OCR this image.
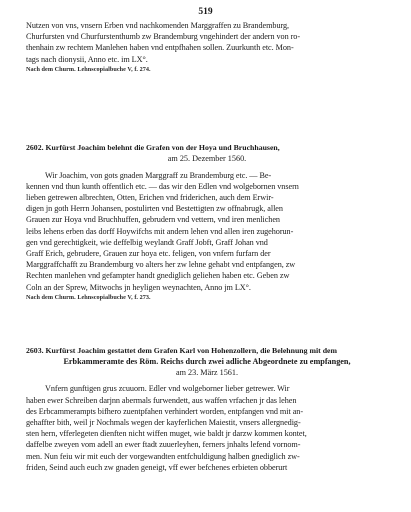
519
Nutzen von vns, vnsern Erben vnd nachkomenden Marggraffen zu Brandemburg,
Churfursten vnd Churfurstenthumb zw Brandemburg vngehindert der andern von ro-
thenhain zw rechtem Manlehen haben vnd entpfhahen sollen. Zuurkunth etc. Mon-
tags nach dionysii, Anno etc. im LX°.
Nach dem Churm. Lehnscopialbuche V, f. 274.
2602. Kurfürst Joachim belehnt die Grafen von der Hoya und Bruchhausen,
am 25. Dezember 1560.
Wir Joachim, von gots gnaden Marggraff zu Brandemburg etc. — Be-
kennen vnd thun kunth offentlich etc. — das wir den Edlen vnd wolgebornen vnsern
lieben getrewen albrechten, Otten, Erichen vnd friderichen, auch dem Erwir-
digen jn goth Herrn Johansen, postulirten vnd Bestettigten zw offnabrugk, allen
Grauen zur Hoya vnd Bruchhuffen, gebrudern vnd vettern, vnd iren menlichen
leibs lehens erben das dorff Hoywifchs mit andern lehen vnd allen iren zugehorun-
gen vnd gerechtigkeit, wie deffelbig weylandt Graff Jobft, Graff Johan vnd
Graff Erich, gebrudere, Grauen zur hoya etc. feligen, von vnfern furfarn der
Marggraffchafft zu Brandemburg vo alters her zw lehne gehabt vnd entpfangen, zw
Rechten manlehen vnd gefampter handt gnediglich geliehen haben etc. Geben zw
Coln an der Sprew, Mitwochs jn heyligen weynachten, Anno jm LX°.
Nach dem Churm. Lehnscopialbuche V, f. 273.
2603. Kurfürst Joachim gestattet dem Grafen Karl von Hohenzollern, die Belehnung mit dem
Erbkammeramte des Röm. Reichs durch zwei adliche Abgeordnete zu empfangen,
am 23. März 1561.
Vnfern gunftigen grus zcuuorn. Edler vnd wolgeborner lieber getrewer. Wir
haben ewer Schreiben darjnn abermals furwendett, aus waffen vrfachen jr das lehen
des Erbcammerampts bifhero zuentpfahen verhindert worden, entpfangen vnd mit an-
gehaffter bith, weil jr Nochmals wegen der kayferlichen Maiestit, vnsers allergnedig-
sten hern, vfferlegeten dienften nicht wiffen muget, wie baldt jr darzw kommen kontet,
daffelbe zweyen vom adell an ewer ftadt zuuerleyhen, ferners jnhalts lefend vornom-
men. Nun feiu wir mit euch der vorgewandten entfchuldigung halben gnediglich zw-
friden, Seind auch euch zw gnaden geneigt, vff ewer befchenes erbieten obberurt
